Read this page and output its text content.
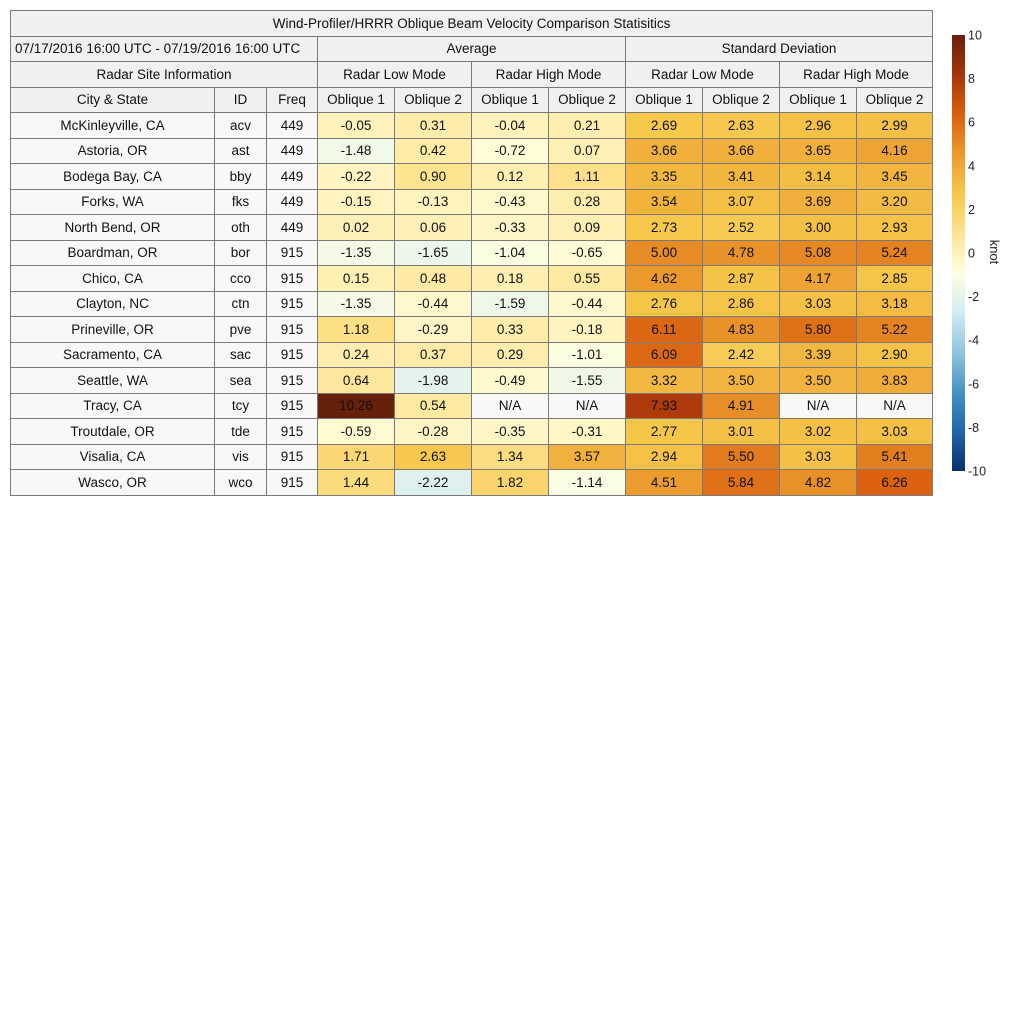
Wind-Profiler/HRRR Oblique Beam Velocity Comparison Statisitics										
07/17/2016 16:00 UTC - 07/19/2016 16:00 UTC			Average				Standard Deviation			
Radar Site Information			Radar Low Mode		Radar High Mode		Radar Low Mode		Radar High Mode	
City & State	ID	Freq	Oblique 1	Oblique 2	Oblique 1	Oblique 2	Oblique 1	Oblique 2	Oblique 1	Oblique 2
McKinleyville, CA	acv	449	-0.05	0.31	-0.04	0.21	2.69	2.63	2.96	2.99
Astoria, OR	ast	449	-1.48	0.42	-0.72	0.07	3.66	3.66	3.65	4.16
Bodega Bay, CA	bby	449	-0.22	0.90	0.12	1.11	3.35	3.41	3.14	3.45
Forks, WA	fks	449	-0.15	-0.13	-0.43	0.28	3.54	3.07	3.69	3.20
North Bend, OR	oth	449	0.02	0.06	-0.33	0.09	2.73	2.52	3.00	2.93
Boardman, OR	bor	915	-1.35	-1.65	-1.04	-0.65	5.00	4.78	5.08	5.24
Chico, CA	cco	915	0.15	0.48	0.18	0.55	4.62	2.87	4.17	2.85
Clayton, NC	ctn	915	-1.35	-0.44	-1.59	-0.44	2.76	2.86	3.03	3.18
Prineville, OR	pve	915	1.18	-0.29	0.33	-0.18	6.11	4.83	5.80	5.22
Sacramento, CA	sac	915	0.24	0.37	0.29	-1.01	6.09	2.42	3.39	2.90
Seattle, WA	sea	915	0.64	-1.98	-0.49	-1.55	3.32	3.50	3.50	3.83
Tracy, CA	tcy	915	10.26	0.54	N/A	N/A	7.93	4.91	N/A	N/A
Troutdale, OR	tde	915	-0.59	-0.28	-0.35	-0.31	2.77	3.01	3.02	3.03
Visalia, CA	vis	915	1.71	2.63	1.34	3.57	2.94	5.50	3.03	5.41
Wasco, OR	wco	915	1.44	-2.22	1.82	-1.14	4.51	5.84	4.82	6.26
10
8
6
4
2
0
-2
-4
-6
-8
-10
knot
